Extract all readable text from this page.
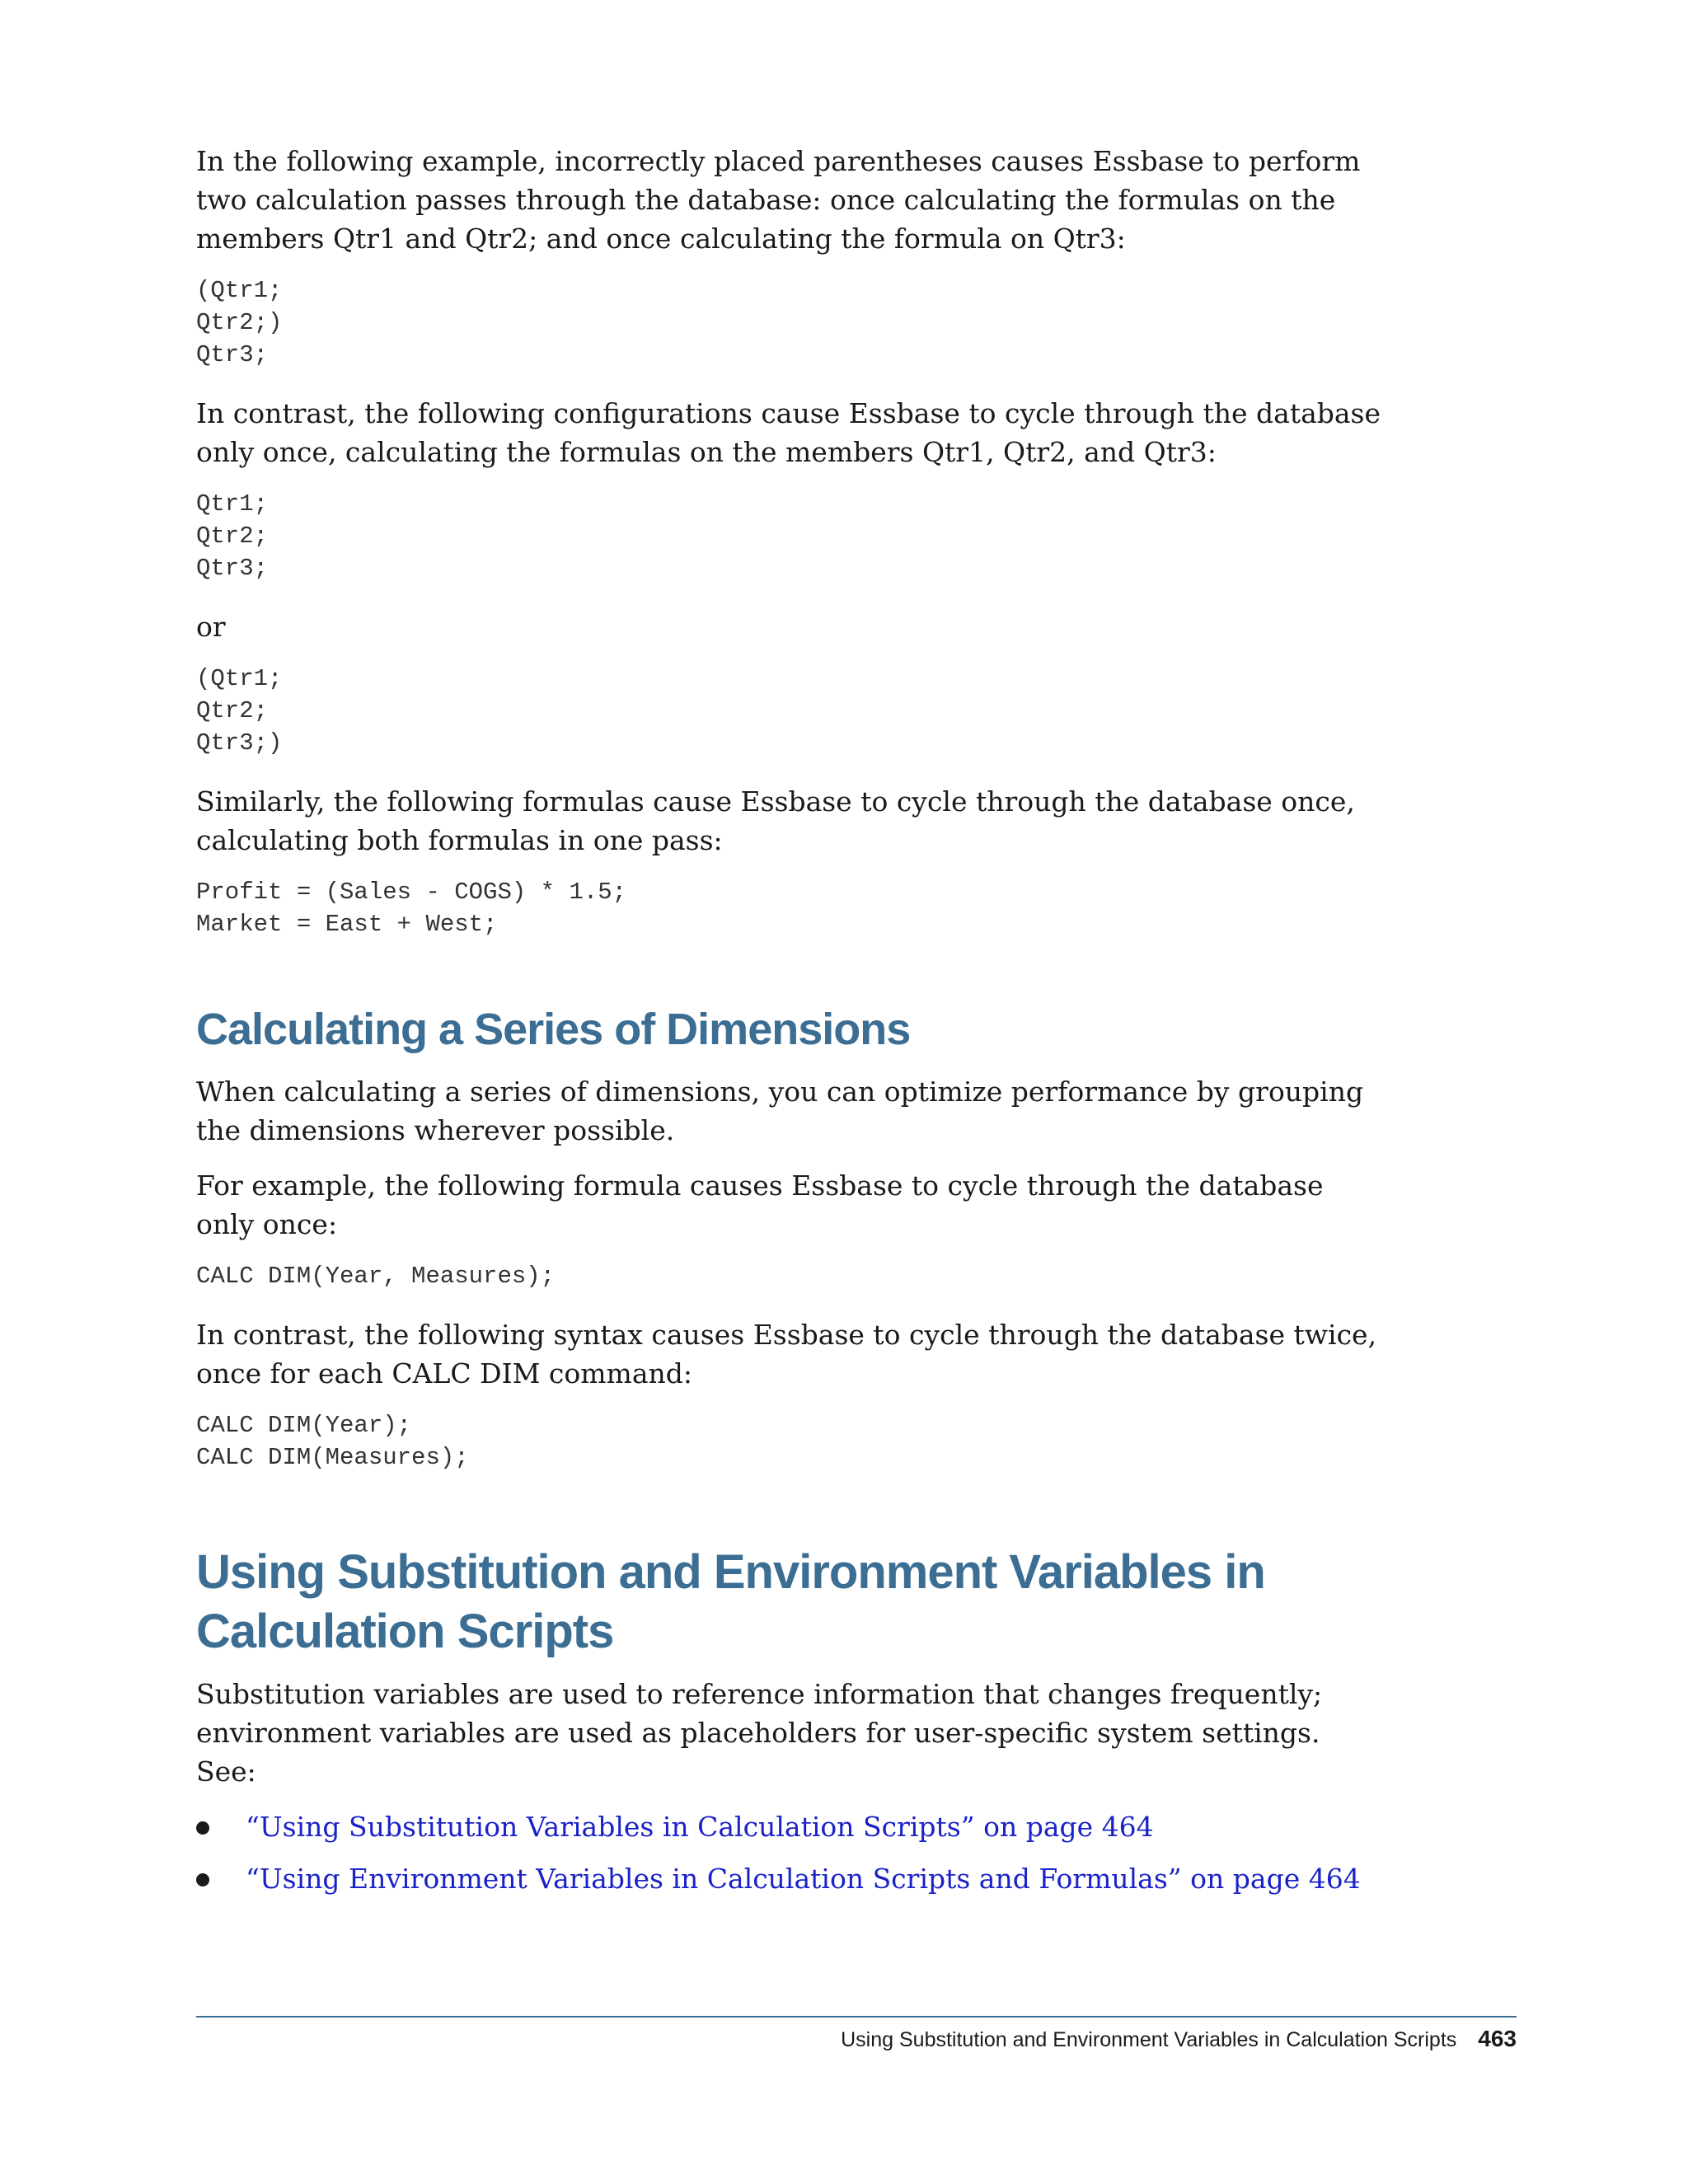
In the following example, incorrectly placed parentheses causes Essbase to perform two calculation passes through the database: once calculating the formulas on the members Qtr1 and Qtr2; and once calculating the formula on Qtr3:

(Qtr1;
Qtr2;)
Qtr3;

In contrast, the following configurations cause Essbase to cycle through the database only once, calculating the formulas on the members Qtr1, Qtr2, and Qtr3:

Qtr1;
Qtr2;
Qtr3;

or

(Qtr1;
Qtr2;
Qtr3;)

Similarly, the following formulas cause Essbase to cycle through the database once, calculating both formulas in one pass:

Profit = (Sales - COGS) * 1.5;
Market = East + West;
Calculating a Series of Dimensions

When calculating a series of dimensions, you can optimize performance by grouping the dimensions wherever possible.

For example, the following formula causes Essbase to cycle through the database only once:

CALC DIM(Year, Measures);

In contrast, the following syntax causes Essbase to cycle through the database twice, once for each CALC DIM command:

CALC DIM(Year);
CALC DIM(Measures);
Using Substitution and Environment Variables in
Calculation Scripts

Substitution variables are used to reference information that changes frequently; environment variables are used as placeholders for user-specific system settings. See:

“Using Substitution Variables in Calculation Scripts” on page 464
“Using Environment Variables in Calculation Scripts and Formulas” on page 464
Using Substitution and Environment Variables in Calculation Scripts 463
